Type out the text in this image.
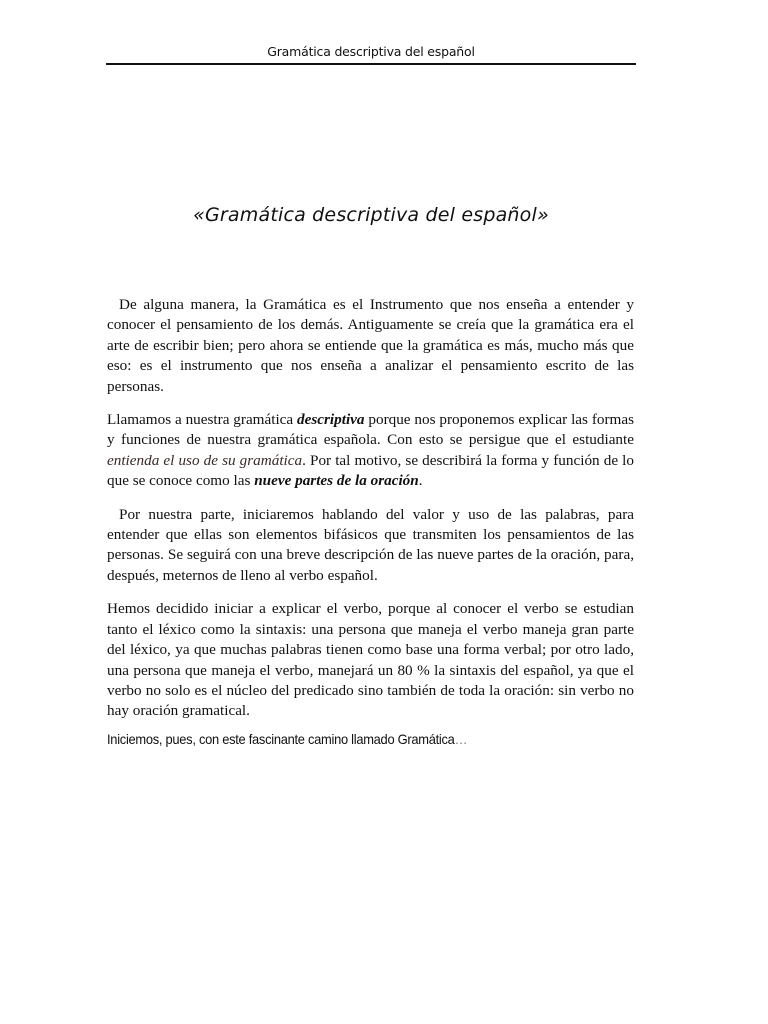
Gramática descriptiva del español
«Gramática descriptiva del español»

De alguna manera, la Gramática es el Instrumento que nos enseña a entender y conocer el pensamiento de los demás. Antiguamente se creía que la gramática era el arte de escribir bien; pero ahora se entiende que la gramática es más, mucho más que eso: es el instrumento que nos enseña a analizar el pensamiento escrito de las personas.

Llamamos a nuestra gramática descriptiva porque nos proponemos explicar las formas y funciones de nuestra gramática española. Con esto se persigue que el estudiante entienda el uso de su gramática. Por tal motivo, se describirá la forma y función de lo que se conoce como las nueve partes de la oración.

Por nuestra parte, iniciaremos hablando del valor y uso de las palabras, para entender que ellas son elementos bifásicos que transmiten los pensamientos de las personas. Se seguirá con una breve descripción de las nueve partes de la oración, para, después, meternos de lleno al verbo español.

Hemos decidido iniciar a explicar el verbo, porque al conocer el verbo se estudian tanto el léxico como la sintaxis: una persona que maneja el verbo maneja gran parte del léxico, ya que muchas palabras tienen como base una forma verbal; por otro lado, una persona que maneja el verbo, manejará un 80 % la sintaxis del español, ya que el verbo no solo es el núcleo del predicado sino también de toda la oración: sin verbo no hay oración gramatical.

Iniciemos, pues, con este fascinante camino llamado Gramática…
